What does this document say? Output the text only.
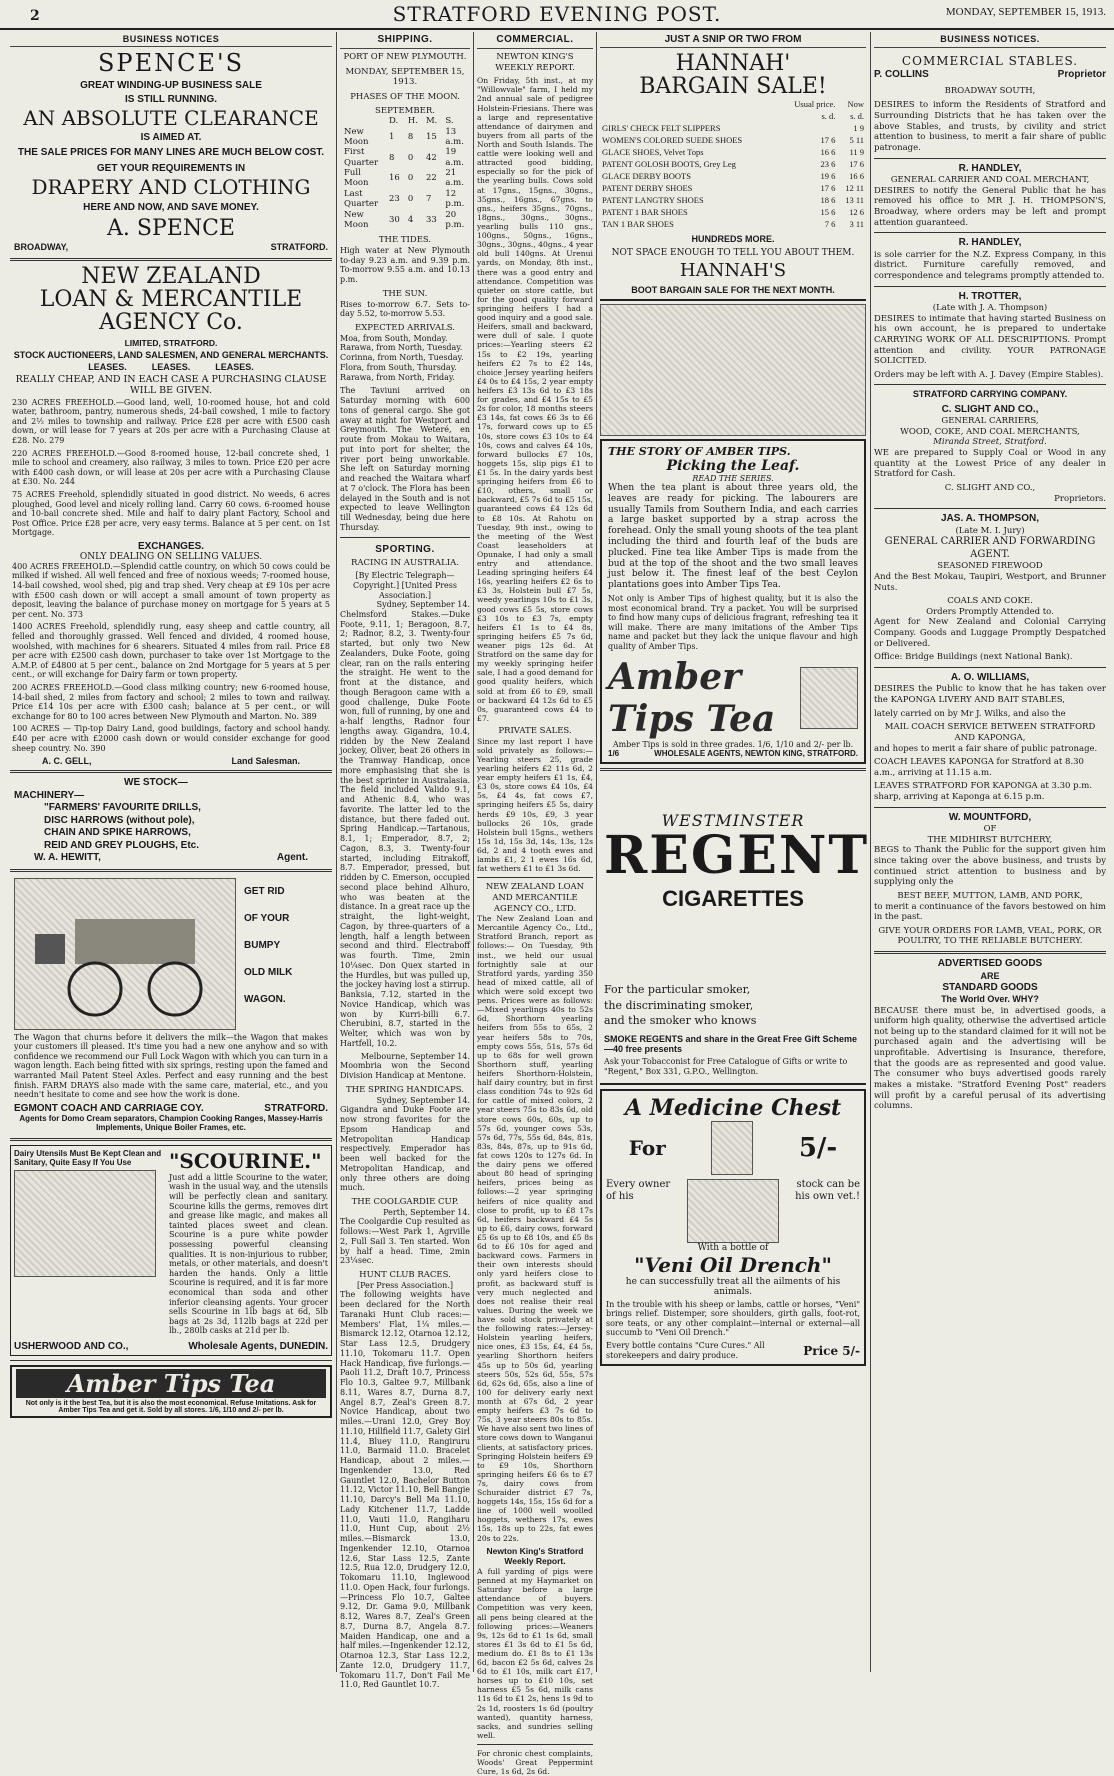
2	STRATFORD EVENING POST.	MONDAY, SEPTEMBER 15, 1913.
BUSINESS NOTICES
SPENCE'S
GREAT WINDING-UP BUSINESS SALE
IS STILL RUNNING.
AN ABSOLUTE CLEARANCE
IS AIMED AT.
THE SALE PRICES FOR MANY LINES ARE MUCH BELOW COST.
GET YOUR REQUIREMENTS IN
DRAPERY AND CLOTHING
HERE AND NOW, AND SAVE MONEY.
A. SPENCE
BROADWAY,	STRATFORD.
NEW ZEALAND
LOAN & MERCANTILE
AGENCY Co.
LIMITED, STRATFORD.
STOCK AUCTIONEERS, LAND SALESMEN, AND GENERAL MERCHANTS.
LEASES.          LEASES.          LEASES.
REALLY CHEAP, AND IN EACH CASE A PURCHASING CLAUSE WILL BE GIVEN.

230 ACRES FREEHOLD.—Good land, well, 10-roomed house, hot and cold water, bathroom, pantry, numerous sheds, 24-bail cowshed, 1 mile to factory and 2½ miles to township and railway. Price £28 per acre with £500 cash down, or will lease for 7 years at 20s per acre with a Purchasing Clause at £28. No. 279

220 ACRES FREEHOLD.—Good 8-roomed house, 12-bail concrete shed, 1 mile to school and creamery, also railway, 3 miles to town. Price £20 per acre with £400 cash down, or will lease at 20s per acre with a Purchasing Clause at £30. No. 244

75 ACRES Freehold, splendidly situated in good district. No weeds, 6 acres ploughed, Good level and nicely rolling land. Carry 60 cows. 6-roomed house and 10-bail concrete shed. Mile and half to dairy plant Factory, School and Post Office. Price £28 per acre, very easy terms. Balance at 5 per cent. on 1st Mortgage.

EXCHANGES.
ONLY DEALING ON SELLING VALUES.

400 ACRES FREEHOLD.—Splendid cattle country, on which 50 cows could be milked if wished. All well fenced and free of noxious weeds; 7-roomed house, 14-bail cowshed, wool shed, pig and trap shed. Very cheap at £9 10s per acre with £500 cash down or will accept a small amount of town property as deposit, leaving the balance of purchase money on mortgage for 5 years at 5 per cent. No. 373

1400 ACRES Freehold, splendidly rung, easy sheep and cattle country, all felled and thoroughly grassed. Well fenced and divided, 4 roomed house, woolshed, with machines for 6 shearers. Situated 4 miles from rail. Price £8 per acre with £2500 cash down, purchaser to take over 1st Mortgage to the A.M.P. of £4800 at 5 per cent., balance on 2nd Mortgage for 5 years at 5 per cent., or will exchange for Dairy farm or town property.

200 ACRES FREEHOLD.—Good class milking country; new 6-roomed house, 14-bail shed, 2 miles from factory and school; 2 miles to town and railway. Price £14 10s per acre with £300 cash; balance at 5 per cent., or will exchange for 80 to 100 acres between New Plymouth and Marton. No. 389

100 ACRES — Tip-top Dairy Land, good buildings, factory and school handy. £40 per acre with £2000 cash down or would consider exchange for good sheep country. No. 390

A. C. GELL,	Land Salesman.
WE STOCK—
MACHINERY—
"FARMERS' FAVOURITE DRILLS,
DISC HARROWS (without pole),
CHAIN AND SPIKE HARROWS,
REID AND GREY PLOUGHS, Etc.
W. A. HEWITT,	Agent.
GET RID
OF YOUR
BUMPY
OLD MILK
WAGON.

The Wagon that churns before it delivers the milk—the Wagon that makes your customers ill pleased. It's time you had a new one anyhow and so with confidence we recommend our Full Lock Wagon with which you can turn in a wagon length. Each being fitted with six springs, resting upon the famed and warranted Mail Patent Steel Axles. Perfect and easy running and the best finish. FARM DRAYS also made with the same care, material, etc., and you needn't hesitate to come and see how the work is done.

EGMONT COACH AND CARRIAGE COY.	STRATFORD.
Agents for Domo Cream separators, Champion Cooking Ranges, Massey-Harris Implements, Unique Boiler Frames, etc.
Dairy Utensils Must Be Kept Clean and Sanitary, Quite Easy If You Use	"SCOURINE."

Just add a little Scourine to the water, wash in the usual way, and the utensils will be perfectly clean and sanitary. Scourine kills the germs, removes dirt and grease like magic, and makes all tainted places sweet and clean. Scourine is a pure white powder possessing powerful cleansing qualities. It is non-injurious to rubber, metals, or other materials, and doesn't harden the hands. Only a little Scourine is required, and it is far more economical than soda and other inferior cleansing agents. Your grocer sells Scourine in 1lb bags at 6d, 5lb bags at 2s 3d, 112lb bags at 22d per lb., 280lb casks at 21d per lb.

USHERWOOD AND CO.,	Wholesale Agents, DUNEDIN.
Amber Tips Tea
Not only is it the best Tea, but it is also the most economical. Refuse Imitations. Ask for Amber Tips Tea and get it. Sold by all stores. 1/6, 1/10 and 2/- per lb.
SHIPPING.
PORT OF NEW PLYMOUTH.
MONDAY, SEPTEMBER 15, 1913.
PHASES OF THE MOON.
SEPTEMBER.
	D.	H.	M.	S.
New Moon	1	8	15	13 a.m.
First Quarter	8	0	42	19 a.m.
Full Moon	16	0	22	21 a.m.
Last Quarter	23	0	7	12 p.m.
New Moon	30	4	33	20 p.m.
THE TIDES.

High water at New Plymouth to-day 9.23 a.m. and 9.39 p.m. To-morrow 9.55 a.m. and 10.13 p.m.

THE SUN.

Rises to-morrow 6.7. Sets to-day 5.52, to-morrow 5.53.

EXPECTED ARRIVALS.
Moa, from South, Monday.
Rarawa, from North, Tuesday.
Corinna, from North, Tuesday.
Flora, from South, Thursday.
Rarawa, from North, Friday.

The Taviuni arrived on Saturday morning with 600 tons of general cargo. She got away at night for Westport and Greymouth. The Weteré, en route from Mokau to Waitara, put into port for shelter, the river port being unworkable. She left on Saturday morning and reached the Waitara wharf at 7 o'clock. The Flora has been delayed in the South and is not expected to leave Wellington till Wednesday, being due here Thursday.

SPORTING.
RACING IN AUSTRALIA.
[By Electric Telegraph—Copyright.] [United Press Association.]
Sydney, September 14.

Chelmsford Stakes.—Duke Foote, 9.11, 1; Beragoon, 8.7, 2; Radnor, 8.2, 3. Twenty-four started, but only two New Zealanders, Duke Foote, going clear, ran on the rails entering the straight. He went to the front at the distance, and though Beragoon came with a good challenge, Duke Foote won, full of running, by one and a-half lengths, Radnor four lengths away. Gigandra, 10.4, ridden by the New Zealand jockey, Oliver, beat 26 others in the Tramway Handicap, once more emphasising that she is the best sprinter in Australasia. The field included Valido 9.1, and Athenic 8.4, who was favorite. The latter led to the distance, but there faded out. Spring Handicap.—Tartanous, 8.1, 1; Emperador, 8.7, 2; Cagon, 8.3, 3. Twenty-four started, including Eitrakoff, 8.7. Emperador, pressed, but ridden by C. Emerson, occupied second place behind Alhuro, who was beaten at the distance. In a great race up the straight, the light-weight, Cagon, by three-quarters of a length, half a length between second and third. Electraboff was fourth. Time, 2min 10¼sec. Don Quex started in the Hurdles, but was pulled up, the jockey having lost a stirrup. Banksia, 7.12, started in the Novice Handicap, which was won by Kurri-billi 6.7. Cherubini, 8.7, started in the Welter, which was won by Hartfell, 10.2.

Melbourne, September 14.

Moombria won the Second Division Handicap at Mentone.

THE SPRING HANDICAPS.
Sydney, September 14.

Gigandra and Duke Foote are now strong favorites for the Epsom Handicap and Metropolitan Handicap respectively. Emperador has been well backed for the Metropolitan Handicap, and only three others are doing much.

THE COOLGARDIE CUP.
Perth, September 14.

The Coolgardie Cup resulted as follows:—West Park 1, Agrville 2, Full Sail 3. Ten started. Won by half a head. Time, 2min 23¼sec.

HUNT CLUB RACES.
[Per Press Association.]

The following weights have been declared for the North Taranaki Hunt Club races:— Members' Flat, 1¼ miles.—Bismarck 12.12, Otarnoa 12.12, Star Lass 12.5, Drudgery 11.10, Tokomaru 11.7. Open Hack Handicap, five furlongs.—Paoli 11.2, Draft 10.7, Princess Flo 10.3, Galtee 9.7, Millbank 8.11, Wares 8.7, Durna 8.7, Angel 8.7, Zeal's Green 8.7. Novice Handicap, about two miles.—Urani 12.0, Grey Boy 11.10, Hillfield 11.7, Galety Girl 11.4, Bluey 11.0, Rangiruru 11.0, Barmaid 11.0. Bracelet Handicap, about 2 miles.—Ingenkender 13.0, Red Gauntlet 12.0, Bachelor Button 11.12, Victor 11.10, Bell Bangie 11.10, Darcy's Bell Ma 11.10, Lady Kitchener 11.7, Ladde 11.0, Vauti 11.0, Rangiharu 11.0, Hunt Cup, about 2½ miles.—Bismarck 13.0, Ingenkender 12.10, Otarnoa 12.6, Star Lass 12.5, Zante 12.5, Rua 12.0, Drudgery 12.0, Tokomaru 11.10, Inglewood 11.0. Open Hack, four furlongs.—Princess Flo 10.7, Galtee 9.12, Dr. Gama 9.0, Millbank 8.12, Wares 8.7, Zeal's Green 8.7, Durna 8.7, Angela 8.7. Maiden Handicap, one and a half miles.—Ingenkender 12.12, Otarnoa 12.3, Star Lass 12.2, Zante 12.0, Drudgery 11.7, Tokomaru 11.7, Don't Fail Me 11.0, Red Gauntlet 10.7.

COMMERCIAL.
NEWTON KING'S WEEKLY REPORT.

On Friday, 5th inst., at my "Willowvale" farm, I held my 2nd annual sale of pedigree Holstein-Friesians. There was a large and representative attendance of dairymen and buyers from all parts of the North and South Islands. The cattle were looking well and attracted good bidding, especially so for the pick of the yearling bulls. Cows sold at 17gns., 15gns., 30gns., 35gns., 16gns., 67gns. to gns., heifers 35gns., 70gns., 18gns., 30gns., 30gns., yearling bulls 110 gns., 100gns., 50gns., 16gns., 30gns., 30gns., 40gns., 4 year old bull 140gns. At Urenui yards, on Monday, 8th inst., there was a good entry and attendance. Competition was quieter on store cattle, but for the good quality forward springing heifers I had a good inquiry and a good sale. Heifers, small and backward, were dull of sale. I quote prices:—Yearling steers £2 15s to £2 19s, yearling heifers £2 7s to £2 14s, choice Jersey yearling heifers £4 0s to £4 15s, 2 year empty heifers £3 13s 6d to £3 18s for grades, and £4 15s to £5 2s for color, 18 months steers £3 14s, fat cows £6 3s to £6 17s, forward cows up to £5 10s, store cows £3 10s to £4 10s, cows and calves £4 10s, forward bullocks £7 10s, hoggets 15s, slip pigs £1 to £1 5s. In the dairy yards best springing heifers from £6 to £10, others, small or backward, £5 7s 6d to £5 15s, guaranteed cows £4 12s 6d to £8 10s. At Rahotu on Tuesday, 9th inst., owing to the meeting of the West Coast leaseholders at Opunake, I had only a small entry and attendance. Leading springing heifers £4 16s, yearling heifers £2 6s to £3 3s, Holstein bull £7 5s, weedy yearlings 10s to £1 3s, good cows £5 5s, store cows £3 10s to £3 7s, empty heifers £1 1s to £4 8s, springing heifers £5 7s 6d, weaner pigs 12s 6d. At Stratford on the same day for my weekly springing heifer sale, I had a good demand for good quality heifers, which sold at from £6 to £9, small or backward £4 12s 6d to £5 0s, guaranteed cows £4 to £7.

PRIVATE SALES.

Since my last report I have sold privately as follows:—Yearling steers 25, grade yearling heifers £2 11s 6d, 2 year empty heifers £1 1s, £4, £3 0s, store cows £4 10s, £4 5s, £4 4s, fat cows £7, springing heifers £5 5s, dairy herds £9 10s, £9, 3 year bullocks 26 10s, grade Holstein bull 15gns., wethers 15s 1d, 15s 3d, 14s, 13s, 12s 6d, 2 and 4 tooth ewes and lambs £1, 2 1 ewes 16s 6d, fat wethers £1 to £1 3s 6d.

NEW ZEALAND LOAN AND MERCANTILE AGENCY CO., LTD.

The New Zealand Loan and Mercantile Agency Co., Ltd., Stratford Branch, report as follows:— On Tuesday, 9th inst., we held our usual fortnightly sale at our Stratford yards, yarding 350 head of mixed cattle, all of which were sold except two pens. Prices were as follows:—Mixed yearlings 40s to 52s 6d, Shorthorn yearling heifers from 55s to 65s, 2 year heifers 58s to 70s, empty cows 55s, 51s, 57s 6d up to 68s for well grown Shorthorn stuff, yearling heifers Shorthorn-Holstein, half dairy country, but in first class condition 74s to 92s 6d for cattle of mixed colors, 2 year steers 75s to 83s 6d, old store cows 60s, 60s, up to 57s 6d, younger cows 53s, 57s 6d, 77s, 55s 6d, 84s, 81s, 83s, 84s, 87s, up to 91s 6d, fat cows 120s to 127s 6d. In the dairy pens we offered about 80 head of springing heifers, prices being as follows:—2 year springing heifers of nice quality and close to profit, up to £8 17s 6d, heifers backward £4 5s up to £6, dairy cows, forward £5 6s up to £8 10s, and £5 8s 6d to £6 10s for aged and backward cows. Farmers in their own interests should only yard heifers close to profit, as backward stuff is very much neglected and does not realise their real values. During the week we have sold stock privately at the following rates:—Jersey-Holstein yearling heifers, nice ones, £3 15s, £4, £4 5s, yearling Shorthorn heifers 45s up to 50s 6d, yearling steers 50s, 52s 6d, 55s, 57s 6d, 62s 6d, 65s, also a line of 100 for delivery early next month at 67s 6d, 2 year empty heifers £3 7s 6d to 75s, 3 year steers 80s to 85s. We have also sent two lines of store cows down to Wanganui clients, at satisfactory prices. Springing Holstein heifers £9 to £9 10s, Shorthorn springing heifers £6 6s to £7 7s, dairy cows from Schuraider district £7 7s, hoggets 14s, 15s, 15s 6d for a line of 1000 well woolled hoggets, wethers 17s, ewes 15s, 18s up to 22s, fat ewes 20s to 22s.

Newton King's Stratford Weekly Report.

A full yarding of pigs were penned at my Haymarket on Saturday before a large attendance of buyers. Competition was very keen, all pens being cleared at the following prices:—Weaners 9s, 12s 6d to £1 1s 6d, small stores £1 3s 6d to £1 5s 6d, medium do. £1 8s to £1 13s 6d, bacon £2 5s 6d, calves 2s 6d to £1 10s, milk cart £17, horses up to £10 10s, set harness £5 5s 6d, milk cans 11s 6d to £1 2s, hens 1s 9d to 2s 1d, roosters 1s 6d (poultry wanted), quantity harness, sacks, and sundries selling well.

For chronic chest complaints, Woods' Great Peppermint Cure, 1s 6d, 2s 6d.

JUST A SNIP OR TWO FROM
HANNAH'
BARGAIN SALE!
	Usual price.	Now
	s. d.	s. d.
GIRLS' CHECK FELT SLIPPERS		1 9
WOMEN'S COLORED SUEDE SHOES	17 6	5 11
GLACE SHOES, Velvet Tops	16 6	11 9
PATENT GOLOSH BOOTS, Grey Leg	23 6	17 6
GLACE DERBY BOOTS	19 6	16 6
PATENT DERBY SHOES	17 6	12 11
PATENT LANGTRY SHOES	18 6	13 11
PATENT 1 BAR SHOES	15 6	12 6
TAN 1 BAR SHOES	7 6	3 11
HUNDREDS MORE.
NOT SPACE ENOUGH TO TELL YOU ABOUT THEM.
HANNAH'S
BOOT BARGAIN SALE FOR THE NEXT MONTH.
THE STORY OF AMBER TIPS.
Picking the Leaf.
READ THE SERIES.

When the tea plant is about three years old, the leaves are ready for picking. The labourers are usually Tamils from Southern India, and each carries a large basket supported by a strap across the forehead. Only the small young shoots of the tea plant including the third and fourth leaf of the buds are plucked. Fine tea like Amber Tips is made from the bud at the top of the shoot and the two small leaves just below it. The finest leaf of the best Ceylon plantations goes into Amber Tips Tea.

Not only is Amber Tips of highest quality, but it is also the most economical brand. Try a packet. You will be surprised to find how many cups of delicious fragrant, refreshing tea it will make. There are many imitations of the Amber Tips name and packet but they lack the unique flavour and high quality of Amber Tips.

Amber Tips Tea
Amber Tips is sold in three grades. 1/6, 1/10 and 2/- per lb.
1/6	WHOLESALE AGENTS, NEWTON KING, STRATFORD.
WESTMINSTER
REGENT
CIGARETTES
For the particular smoker,
the discriminating smoker,
and the smoker who knows
SMOKE REGENTS and share in the Great Free Gift Scheme—40 free presents
Ask your Tobacconist for Free Catalogue of Gifts or write to "Regent," Box 331, G.P.O., Wellington.
A Medicine Chest
For	5/-
Every owner of his
stock can be his own vet.!
With a bottle of
"Veni Oil Drench"
he can successfully treat all the ailments of his animals.

In the trouble with his sheep or lambs, cattle or horses, "Veni" brings relief. Distemper, sore shoulders, girth galls, foot-rot, sore teats, or any other complaint—internal or external—all succumb to "Veni Oil Drench."

Every bottle contains "Cure Cures." All storekeepers and dairy produce.	Price 5/-
BUSINESS NOTICES.
COMMERCIAL STABLES.
P. COLLINS	Proprietor
BROADWAY SOUTH,

DESIRES to inform the Residents of Stratford and Surrounding Districts that he has taken over the above Stables, and trusts, by civility and strict attention to business, to merit a fair share of public patronage.

R. HANDLEY,
GENERAL CARRIER AND COAL MERCHANT,

DESIRES to notify the General Public that he has removed his office to MR J. H. THOMPSON'S, Broadway, where orders may be left and prompt attention guaranteed.

R. HANDLEY,

is sole carrier for the N.Z. Express Company, in this district. Furniture carefully removed, and correspondence and telegrams promptly attended to.

H. TROTTER,
(Late with J. A. Thompson)

DESIRES to intimate that having started Business on his own account, he is prepared to undertake CARRYING WORK OF ALL DESCRIPTIONS. Prompt attention and civility. YOUR PATRONAGE SOLICITED.

Orders may be left with A. J. Davey (Empire Stables).

STRATFORD CARRYING COMPANY.
C. SLIGHT AND CO.,
GENERAL CARRIERS,
WOOD, COKE, AND COAL MERCHANTS,
Miranda Street, Stratford.

WE are prepared to Supply Coal or Wood in any quantity at the Lowest Price of any dealer in Stratford for Cash.

C. SLIGHT AND CO.,
Proprietors.
JAS. A. THOMPSON,
(Late M. I. Jury)
GENERAL CARRIER AND FORWARDING AGENT.
SEASONED FIREWOOD

And the Best Mokau, Taupiri, Westport, and Brunner Nuts.

COALS AND COKE.
Orders Promptly Attended to.

Agent for New Zealand and Colonial Carrying Company. Goods and Luggage Promptly Despatched or Delivered.

Office: Bridge Buildings (next National Bank).

A. O. WILLIAMS,

DESIRES the Public to know that he has taken over the KAPONGA LIVERY AND BAIT STABLES,

lately carried on by Mr J. Wilks, and also the

MAIL COACH SERVICE BETWEEN STRATFORD AND KAPONGA,

and hopes to merit a fair share of public patronage.

COACH LEAVES KAPONGA for Stratford at 8.30 a.m., arriving at 11.15 a.m.

LEAVES STRATFORD FOR KAPONGA at 3.30 p.m. sharp, arriving at Kaponga at 6.15 p.m.

W. MOUNTFORD,
OF
THE MIDHIRST BUTCHERY,

BEGS to Thank the Public for the support given him since taking over the above business, and trusts by continued strict attention to business and by supplying only the

BEST BEEF, MUTTON, LAMB, AND PORK,

to merit a continuance of the favors bestowed on him in the past.

GIVE YOUR ORDERS FOR LAMB, VEAL, PORK, OR POULTRY, TO THE RELIABLE BUTCHERY.
ADVERTISED GOODS
ARE
STANDARD GOODS
The World Over. WHY?

BECAUSE there must be, in advertised goods, a uniform high quality, otherwise the advertised article not being up to the standard claimed for it will not be purchased again and the advertising will be unprofitable. Advertising is Insurance, therefore, that the goods are as represented and good value. The consumer who buys advertised goods rarely makes a mistake. "Stratford Evening Post" readers will profit by a careful perusal of its advertising columns.
